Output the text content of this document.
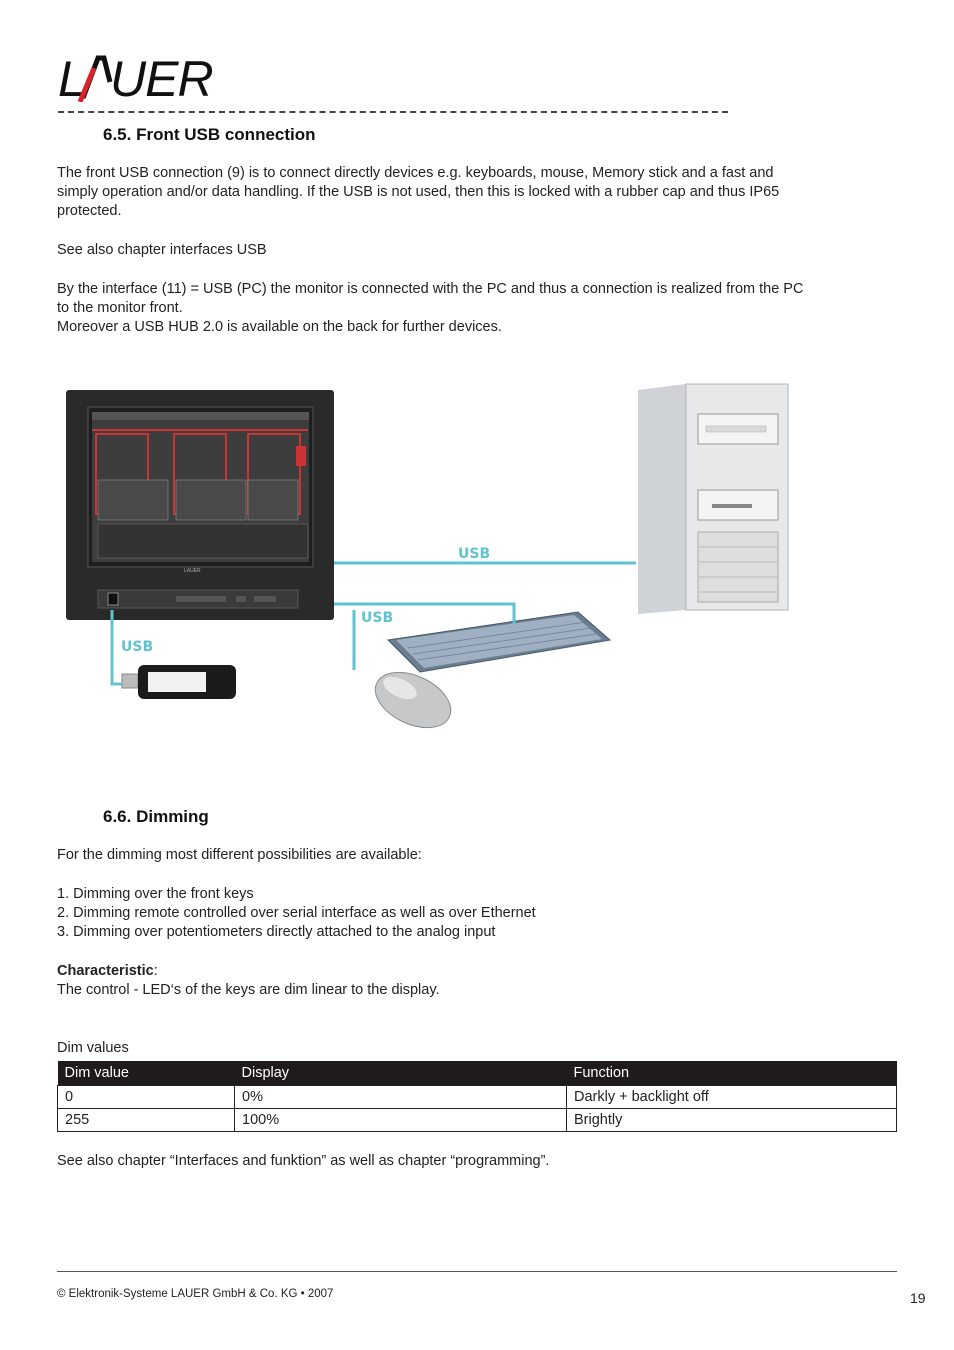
L UER
6.5. Front USB connection
The front USB connection (9) is to connect directly devices e.g. keyboards, mouse, Memory stick and a fast and
simply operation and/or data handling. If the USB is not used, then this is locked with a rubber cap and thus IP65
protected.
See also chapter interfaces USB
By the interface (11) = USB (PC) the monitor is connected with the PC and thus a connection is realized from the PC
to the monitor front.
Moreover a USB HUB 2.0 is available on the back for further devices.
LAUER
USB
USB
USB
6.6. Dimming
For the dimming most different possibilities are available:
1. Dimming over the front keys
2. Dimming remote controlled over serial interface as well as over Ethernet
3. Dimming over potentiometers directly attached to the analog input
Characteristic:
The control - LED‘s of the keys are dim linear to the display.
Dim values
Dim value	Display	Function
0	0%	Darkly + backlight off
255	100%	Brightly
See also chapter “Interfaces and funktion” as well as chapter “programming”.
© Elektronik-Systeme LAUER GmbH & Co. KG • 2007	19
